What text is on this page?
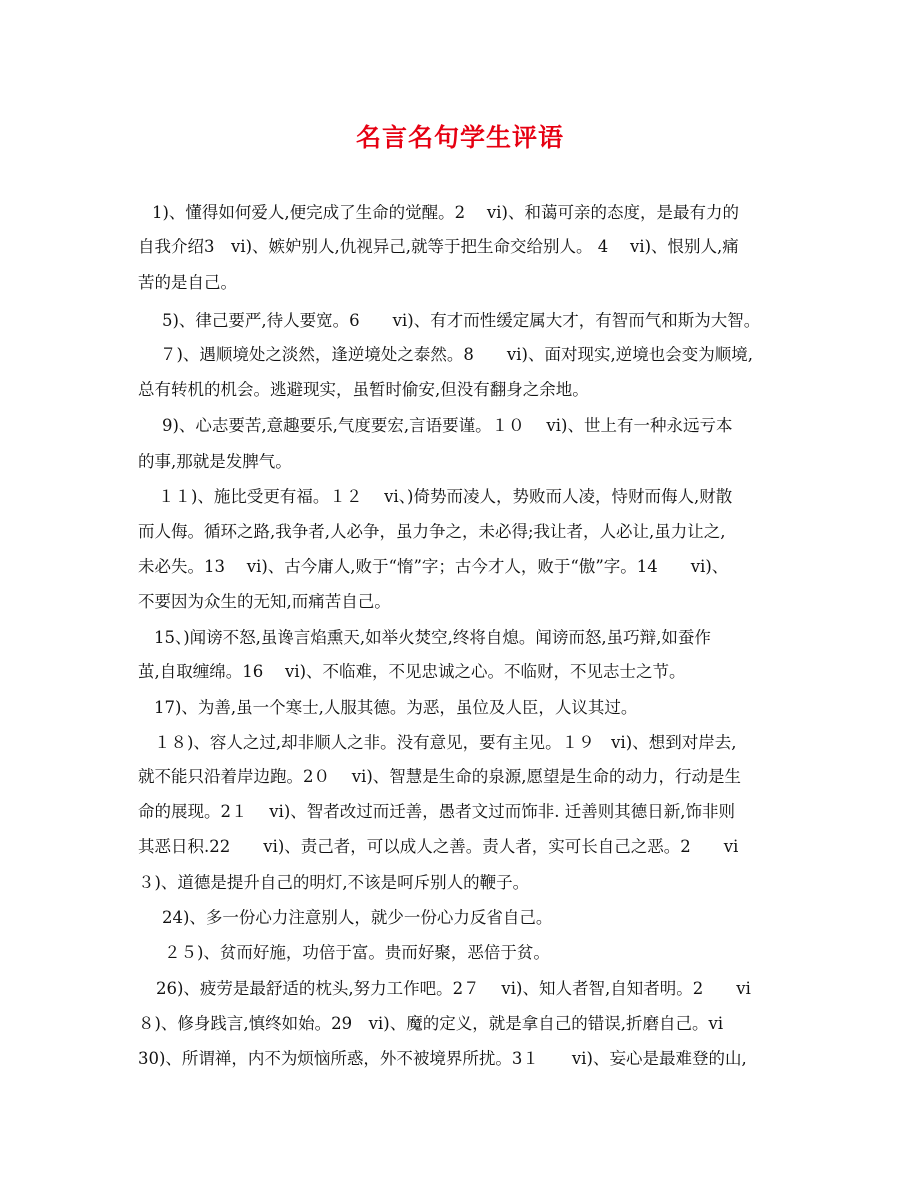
名言名句学生评语
1)、懂得如何爱人,便完成了生命的觉醒。2　 ⅵ)、和蔼可亲的态度，是最有力的
自我介绍3　ⅵ)、嫉妒别人,仇视异己,就等于把生命交给别人。 4　 ⅵ)、恨别人,痛
苦的是自己。
5)、律己要严,待人要宽。6　　ⅵ)、有才而性缓定属大才，有智而气和斯为大智。
７)、遇顺境处之淡然，逢逆境处之泰然。8　　ⅵ)、面对现实,逆境也会变为顺境,
总有转机的机会。逃避现实，虽暂时偷安,但没有翻身之余地。
9)、心志要苦,意趣要乐,气度要宏,言语要谨。１０　 ⅵ)、世上有一种永远亏本
的事,那就是发脾气。
１１)、施比受更有福。１２　 ⅵ、)倚势而凌人，势败而人凌，恃财而侮人,财散
而人侮。循环之路,我争者,人必争，虽力争之，未必得;我让者，人必让,虽力让之,
未必失。13　 ⅵ)、古今庸人,败于“惰”字；古今才人，败于“傲”字。14　　ⅵ)、
不要因为众生的无知,而痛苦自己。
15、)闻谤不怒,虽谗言焰熏天,如举火焚空,终将自熄。闻谤而怒,虽巧辩,如蚕作
茧,自取缠绵。16　 ⅵ)、不临难，不见忠诚之心。不临财，不见志士之节。
17)、为善,虽一个寒士,人服其德。为恶，虽位及人臣，人议其过。
１８)、容人之过,却非顺人之非。没有意见，要有主见。１９　ⅵ)、想到对岸去,
就不能只沿着岸边跑。2０　 ⅵ)、智慧是生命的泉源,愿望是生命的动力，行动是生
命的展现。2１　 ⅵ)、智者改过而迁善，愚者文过而饰非. 迁善则其德日新,饰非则
其恶日积.22　　ⅵ)、责己者，可以成人之善。责人者，实可长自己之恶。2　　ⅵ
３)、道德是提升自己的明灯,不该是呵斥别人的鞭子。
24)、多一份心力注意别人，就少一份心力反省自己。
２５)、贫而好施，功倍于富。贵而好聚，恶倍于贫。
26)、疲劳是最舒适的枕头,努力工作吧。2７　 ⅵ)、知人者智,自知者明。2　　ⅵ
８)、修身践言,慎终如始。29　ⅵ)、魔的定义，就是拿自己的错误,折磨自己。ⅵ
30)、所谓禅，内不为烦恼所惑，外不被境界所扰。3１　　ⅵ)、妄心是最难登的山,
